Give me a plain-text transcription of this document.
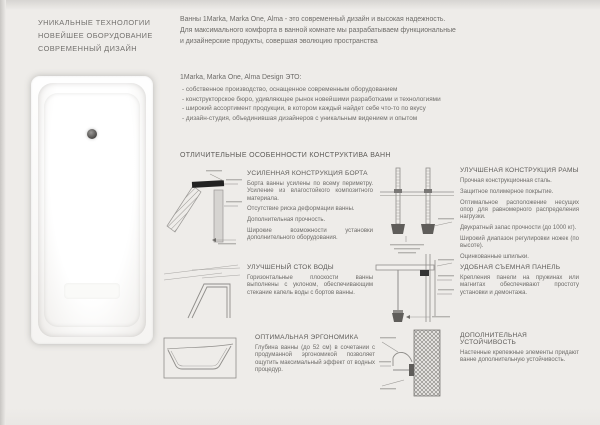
УНИКАЛЬНЫЕ ТЕХНОЛОГИИ
НОВЕЙШЕЕ ОБОРУДОВАНИЕ
СОВРЕМЕННЫЙ ДИЗАЙН
Ванны 1Marka, Marka One, Alma - это современный дизайн и высокая надежность.
Для максимального комфорта в ванной комнате мы разрабатываем функциональные
и дизайнерские продукты, совершая эволюцию пространства
1Marka, Marka One, Alma Design ЭТО:
- собственное производство, оснащенное современным оборудованием
- конструкторское бюро, удивляющее рынок новейшими разработками и технологиями
- широкий ассортимент продукции, в котором каждый найдет себе что-то по вкусу
- дизайн-студия, объединившая дизайнеров с уникальным видением и опытом
ОТЛИЧИТЕЛЬНЫЕ ОСОБЕННОСТИ КОНСТРУКТИВА ВАНН
УСИЛЕННАЯ КОНСТРУКЦИЯ БОРТА

Борта ванны усилены по всему периметру. Усиление из влагостойкого композитного материала.

Отсутствие риска деформации ванны.

Дополнительная прочность.

Широкие возможности установки дополнительного оборудования.

УЛУЧШЕНАЯ КОНСТРУКЦИЯ РАМЫ

Прочная конструкционная сталь.

Защитное полимерное покрытие.

Оптимальное расположение несущих опор для равномерного распределения нагрузки.

Двукратный запас прочности (до 1000 кг).

Широкий диапазон регулировки ножек (по высоте).

Оцинкованные шпильки.

УЛУЧШЕНЫЙ СТОК ВОДЫ

Горизонтальные плоскости ванны выполнены с уклоном, обеспечивающим стекание капель воды с бортов ванны.

УДОБНАЯ СЪЕМНАЯ ПАНЕЛЬ

Крепления панели на пружинах или магнитах обеспечивают простоту установки и демонтажа.

ОПТИМАЛЬНАЯ ЭРГОНОМИКА

Глубина ванны (до 52 см) в сочетании с продуманной эргономикой позволяет ощутить максимальный эффект от водных процедур.

ДОПОЛНИТЕЛЬНАЯ УСТОЙЧИВОСТЬ

Настенные крепежные элементы придают ванне дополнительную устойчивость.
